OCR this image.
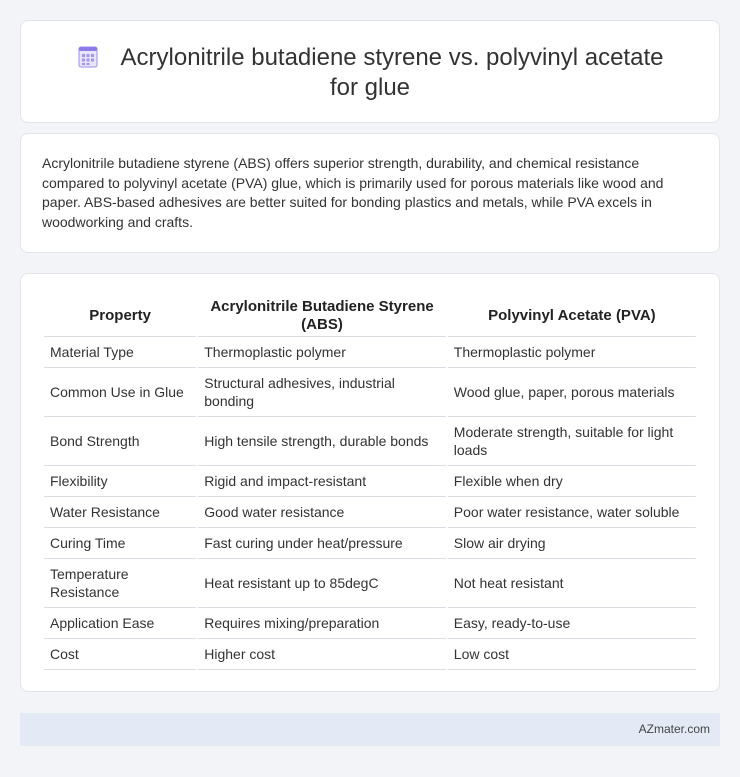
Acrylonitrile butadiene styrene vs. polyvinyl acetate for glue

Acrylonitrile butadiene styrene (ABS) offers superior strength, durability, and chemical resistance compared to polyvinyl acetate (PVA) glue, which is primarily used for porous materials like wood and paper. ABS-based adhesives are better suited for bonding plastics and metals, while PVA excels in woodworking and crafts.

Property	Acrylonitrile Butadiene Styrene (ABS)	Polyvinyl Acetate (PVA)
Material Type	Thermoplastic polymer	Thermoplastic polymer
Common Use in Glue	Structural adhesives, industrial bonding	Wood glue, paper, porous materials
Bond Strength	High tensile strength, durable bonds	Moderate strength, suitable for light loads
Flexibility	Rigid and impact-resistant	Flexible when dry
Water Resistance	Good water resistance	Poor water resistance, water soluble
Curing Time	Fast curing under heat/pressure	Slow air drying
Temperature Resistance	Heat resistant up to 85degC	Not heat resistant
Application Ease	Requires mixing/preparation	Easy, ready-to-use
Cost	Higher cost	Low cost
AZmater.com
